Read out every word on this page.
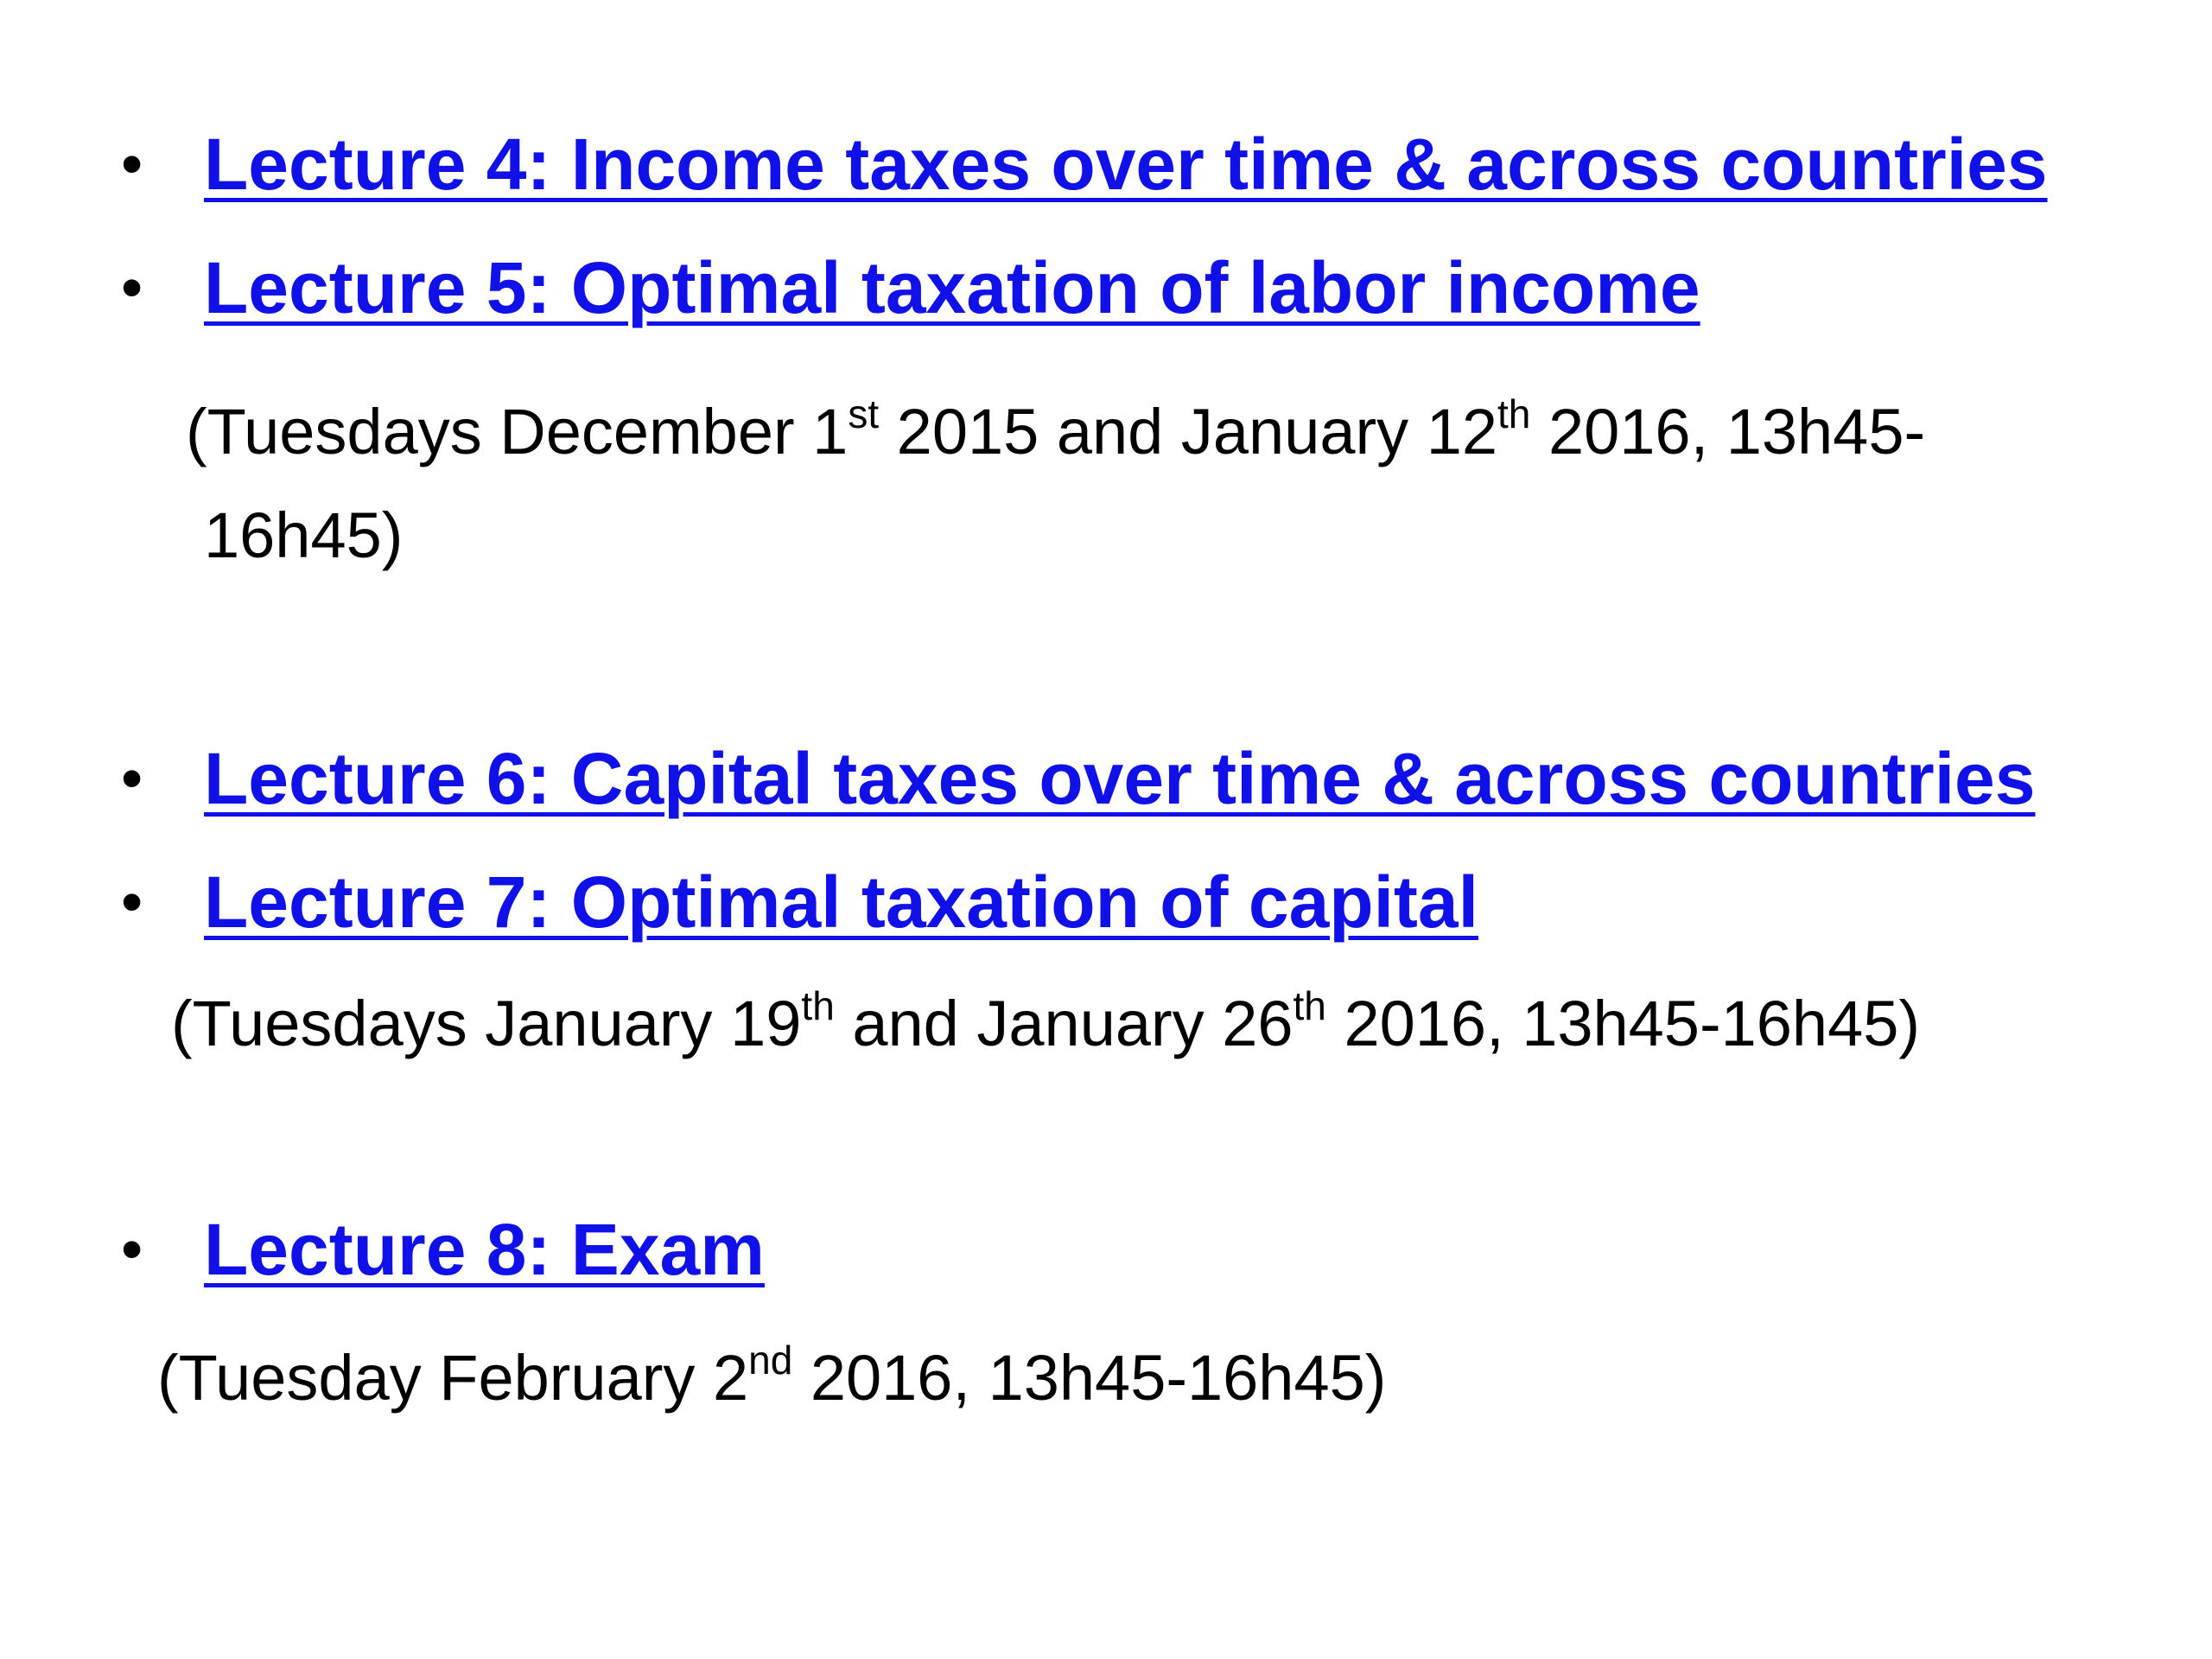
• Lecture 4: Income taxes over time & across countries
• Lecture 5: Optimal taxation of labor income
(Tuesdays December 1st 2015 and January 12th 2016, 13h45-
16h45)
• Lecture 6: Capital taxes over time & across countries
• Lecture 7: Optimal taxation of capital
(Tuesdays January 19th and January 26th 2016, 13h45-16h45)
• Lecture 8: Exam
(Tuesday February 2nd 2016, 13h45-16h45)
